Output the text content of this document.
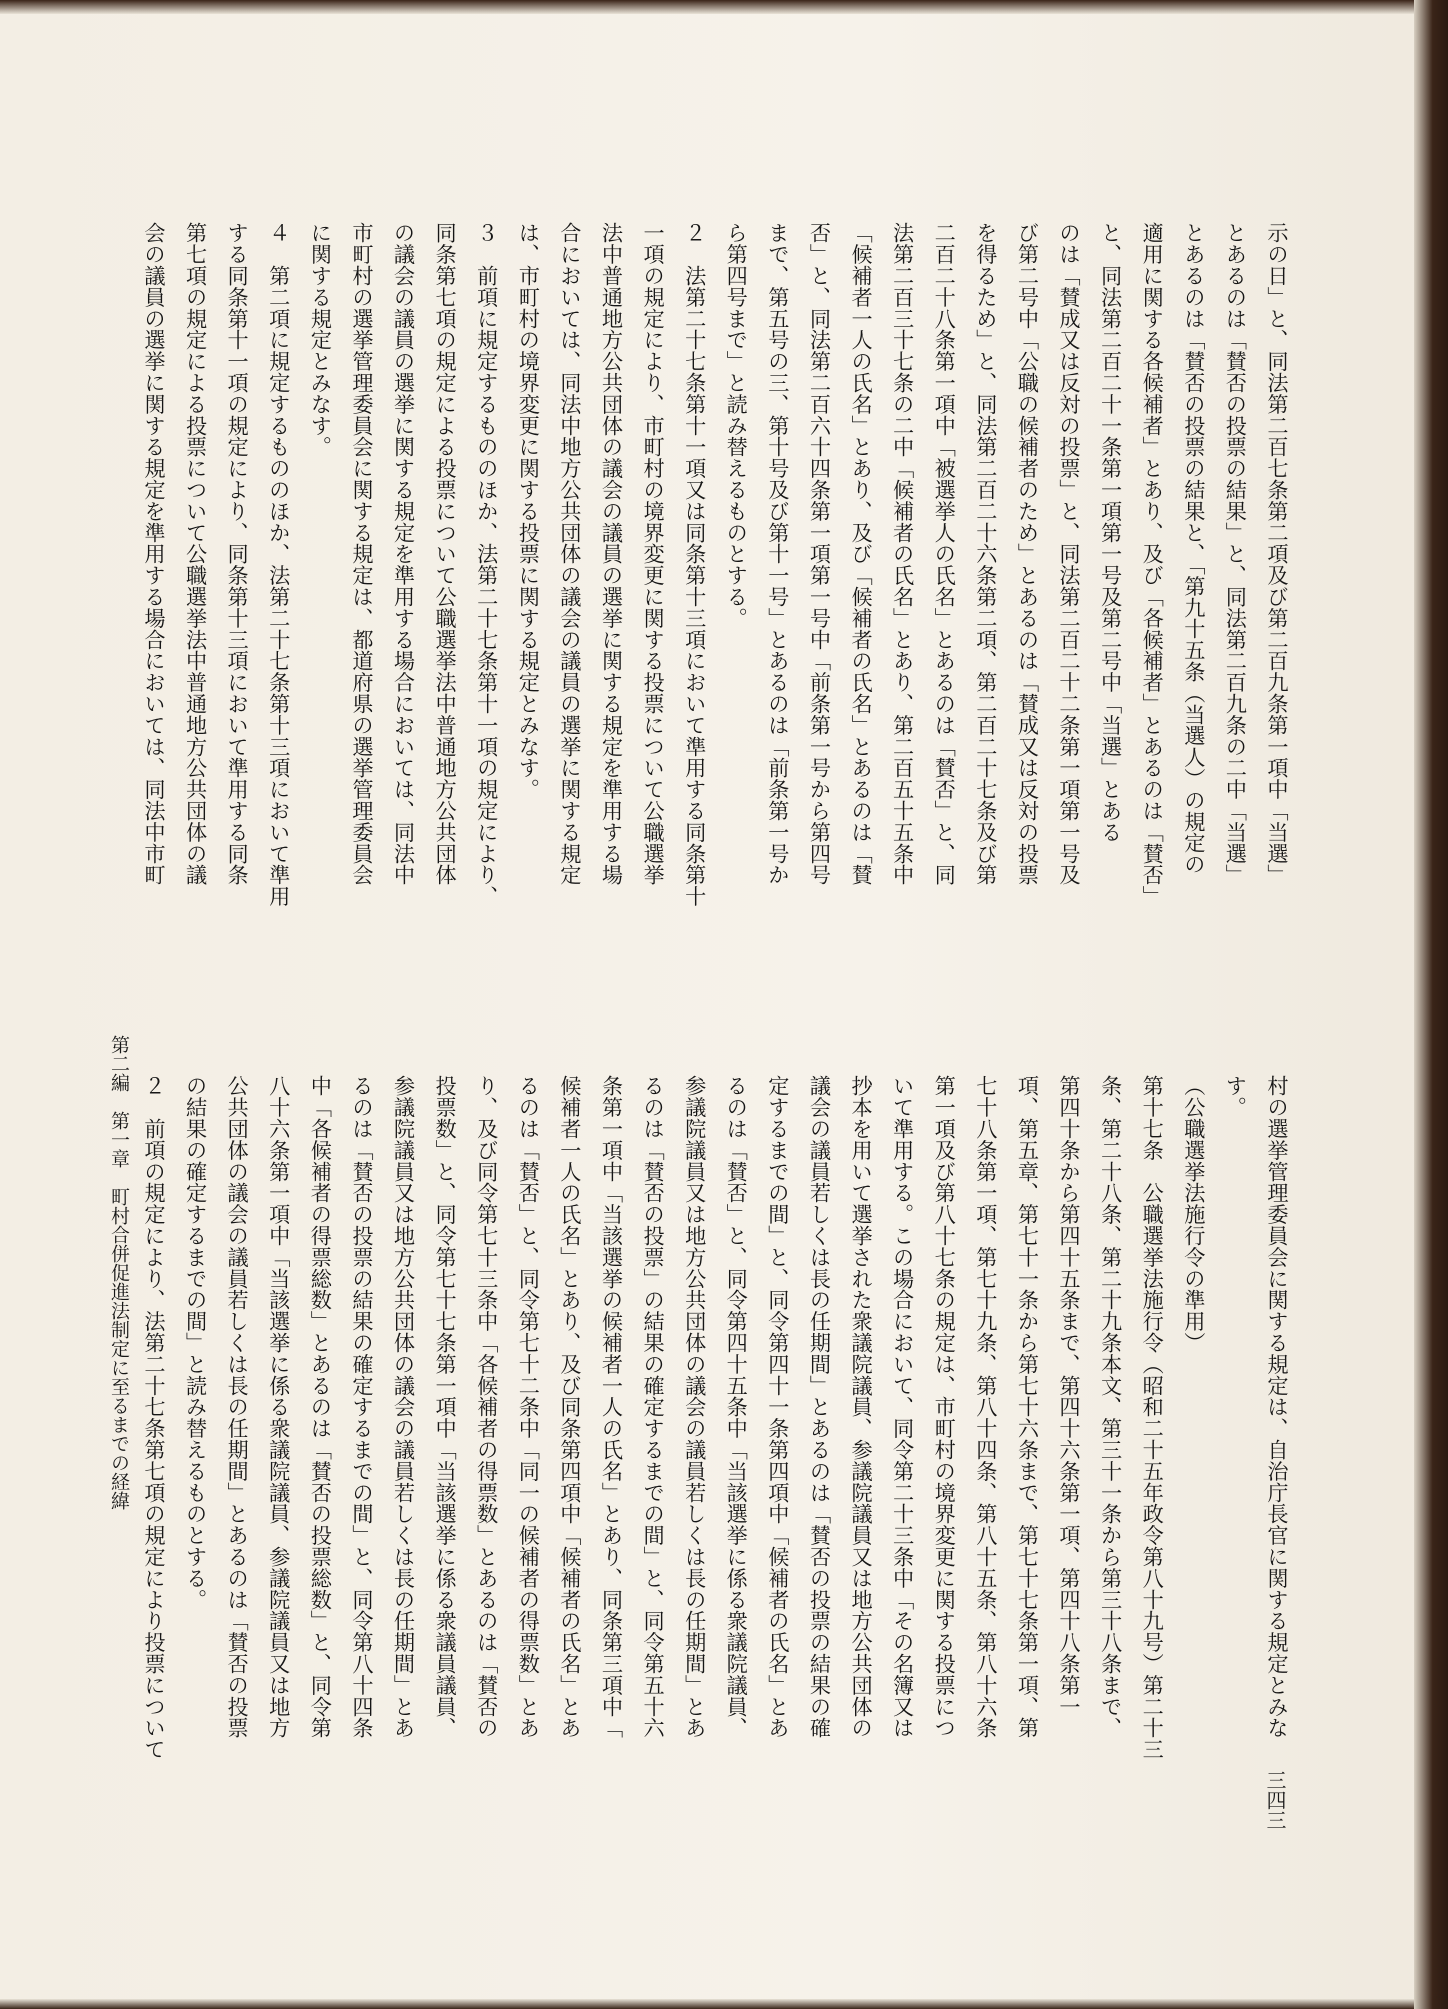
示の日」と、同法第二百七条第二項及び第二百九条第一項中「当選」
とあるのは「賛否の投票の結果」と、同法第二百九条の二中「当選」
とあるのは「賛否の投票の結果と、「第九十五条（当選人）の規定の
適用に関する各候補者」とあり、及び「各候補者」とあるのは「賛否」
と、同法第二百二十一条第一項第一号及第二号中「当選」とある
のは「賛成又は反対の投票」と、同法第二百二十二条第一項第一号及
び第二号中「公職の候補者のため」とあるのは「賛成又は反対の投票
を得るため」と、同法第二百二十六条第二項、第二百二十七条及び第
二百二十八条第一項中「被選挙人の氏名」とあるのは「賛否」と、同
法第二百三十七条の二中「候補者の氏名」とあり、第二百五十五条中
「候補者一人の氏名」とあり、及び「候補者の氏名」とあるのは「賛
否」と、同法第二百六十四条第一項第一号中「前条第一号から第四号
まで、第五号の三、第十号及び第十一号」とあるのは「前条第一号か
ら第四号まで」と読み替えるものとする。
２　法第二十七条第十一項又は同条第十三項において準用する同条第十
一項の規定により、市町村の境界変更に関する投票について公職選挙
法中普通地方公共団体の議会の議員の選挙に関する規定を準用する場
合においては、同法中地方公共団体の議会の議員の選挙に関する規定
は、市町村の境界変更に関する投票に関する規定とみなす。
３　前項に規定するもののほか、法第二十七条第十一項の規定により、
同条第七項の規定による投票について公職選挙法中普通地方公共団体
の議会の議員の選挙に関する規定を準用する場合においては、同法中
市町村の選挙管理委員会に関する規定は、都道府県の選挙管理委員会
に関する規定とみなす。
４　第二項に規定するもののほか、法第二十七条第十三項において準用
する同条第十一項の規定により、同条第十三項において準用する同条
第七項の規定による投票について公職選挙法中普通地方公共団体の議
会の議員の選挙に関する規定を準用する場合においては、同法中市町
村の選挙管理委員会に関する規定は、自治庁長官に関する規定とみな
す。
（公職選挙法施行令の準用）
第十七条　公職選挙法施行令（昭和二十五年政令第八十九号）第二十三
条、第二十八条、第二十九条本文、第三十一条から第三十八条まで、
第四十条から第四十五条まで、第四十六条第一項、第四十八条第一
項、第五章、第七十一条から第七十六条まで、第七十七条第一項、第
七十八条第一項、第七十九条、第八十四条、第八十五条、第八十六条
第一項及び第八十七条の規定は、市町村の境界変更に関する投票につ
いて準用する。この場合において、同令第二十三条中「その名簿又は
抄本を用いて選挙された衆議院議員、参議院議員又は地方公共団体の
議会の議員若しくは長の任期間」とあるのは「賛否の投票の結果の確
定するまでの間」と、同令第四十一条第四項中「候補者の氏名」とあ
るのは「賛否」と、同令第四十五条中「当該選挙に係る衆議院議員、
参議院議員又は地方公共団体の議会の議員若しくは長の任期間」とあ
るのは「賛否の投票」の結果の確定するまでの間」と、同令第五十六
条第一項中「当該選挙の候補者一人の氏名」とあり、同条第三項中「
候補者一人の氏名」とあり、及び同条第四項中「候補者の氏名」とあ
るのは「賛否」と、同令第七十二条中「同一の候補者の得票数」とあ
り、及び同令第七十三条中「各候補者の得票数」とあるのは「賛否の
投票数」と、同令第七十七条第一項中「当該選挙に係る衆議員議員、
参議院議員又は地方公共団体の議会の議員若しくは長の任期間」とあ
るのは「賛否の投票の結果の確定するまでの間」と、同令第八十四条
中「各候補者の得票総数」とあるのは「賛否の投票総数」と、同令第
八十六条第一項中「当該選挙に係る衆議院議員、参議院議員又は地方
公共団体の議会の議員若しくは長の任期間」とあるのは「賛否の投票
の結果の確定するまでの間」と読み替えるものとする。
２　前項の規定により、法第二十七条第七項の規定により投票について
第二編　第一章　町村合併促進法制定に至るまでの経緯
三四三
